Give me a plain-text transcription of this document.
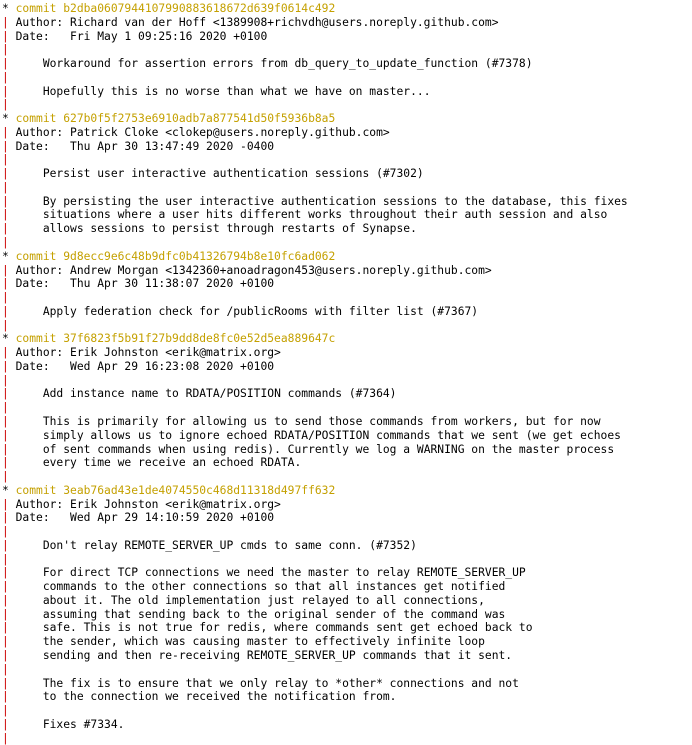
* commit b2dba0607944107990883618672d639f0614c492
| Author: Richard van der Hoff <1389908+richvdh@users.noreply.github.com>
| Date:   Fri May 1 09:25:16 2020 +0100
|
|     Workaround for assertion errors from db_query_to_update_function (#7378)
|
|     Hopefully this is no worse than what we have on master...
|
* commit 627b0f5f2753e6910adb7a877541d50f5936b8a5
| Author: Patrick Cloke <clokep@users.noreply.github.com>
| Date:   Thu Apr 30 13:47:49 2020 -0400
|
|     Persist user interactive authentication sessions (#7302)
|
|     By persisting the user interactive authentication sessions to the database, this fixes
|     situations where a user hits different works throughout their auth session and also
|     allows sessions to persist through restarts of Synapse.
|
* commit 9d8ecc9e6c48b9dfc0b41326794b8e10fc6ad062
| Author: Andrew Morgan <1342360+anoadragon453@users.noreply.github.com>
| Date:   Thu Apr 30 11:38:07 2020 +0100
|
|     Apply federation check for /publicRooms with filter list (#7367)
|
* commit 37f6823f5b91f27b9dd8de8fc0e52d5ea889647c
| Author: Erik Johnston <erik@matrix.org>
| Date:   Wed Apr 29 16:23:08 2020 +0100
|
|     Add instance name to RDATA/POSITION commands (#7364)
|
|     This is primarily for allowing us to send those commands from workers, but for now
|     simply allows us to ignore echoed RDATA/POSITION commands that we sent (we get echoes
|     of sent commands when using redis). Currently we log a WARNING on the master process
|     every time we receive an echoed RDATA.
|
* commit 3eab76ad43e1de4074550c468d11318d497ff632
| Author: Erik Johnston <erik@matrix.org>
| Date:   Wed Apr 29 14:10:59 2020 +0100
|
|     Don't relay REMOTE_SERVER_UP cmds to same conn. (#7352)
|
|     For direct TCP connections we need the master to relay REMOTE_SERVER_UP
|     commands to the other connections so that all instances get notified
|     about it. The old implementation just relayed to all connections,
|     assuming that sending back to the original sender of the command was
|     safe. This is not true for redis, where commands sent get echoed back to
|     the sender, which was causing master to effectively infinite loop
|     sending and then re-receiving REMOTE_SERVER_UP commands that it sent.
|
|     The fix is to ensure that we only relay to *other* connections and not
|     to the connection we received the notification from.
|
|     Fixes #7334.
|
